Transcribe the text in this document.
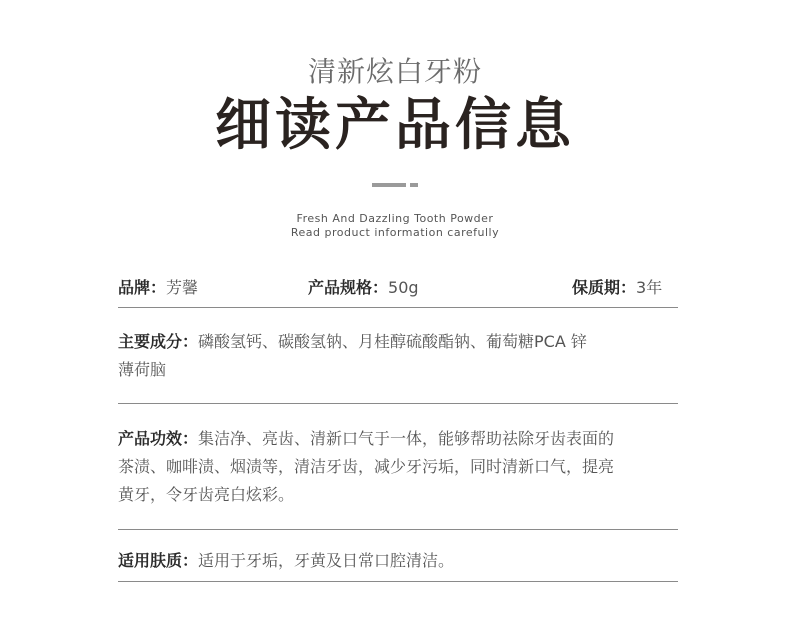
清新炫白牙粉
细读产品信息
Fresh And Dazzling Tooth Powder
Read product information carefully
品牌：芳馨	产品规格：50g	保质期：3年
主要成分：磷酸氢钙、碳酸氢钠、月桂醇硫酸酯钠、葡萄糖PCA 锌
薄荷脑
产品功效：集洁净、亮齿、清新口气于一体，能够帮助祛除牙齿表面的
茶渍、咖啡渍、烟渍等，清洁牙齿，减少牙污垢，同时清新口气，提亮
黄牙，令牙齿亮白炫彩。
适用肤质：适用于牙垢，牙黄及日常口腔清洁。
